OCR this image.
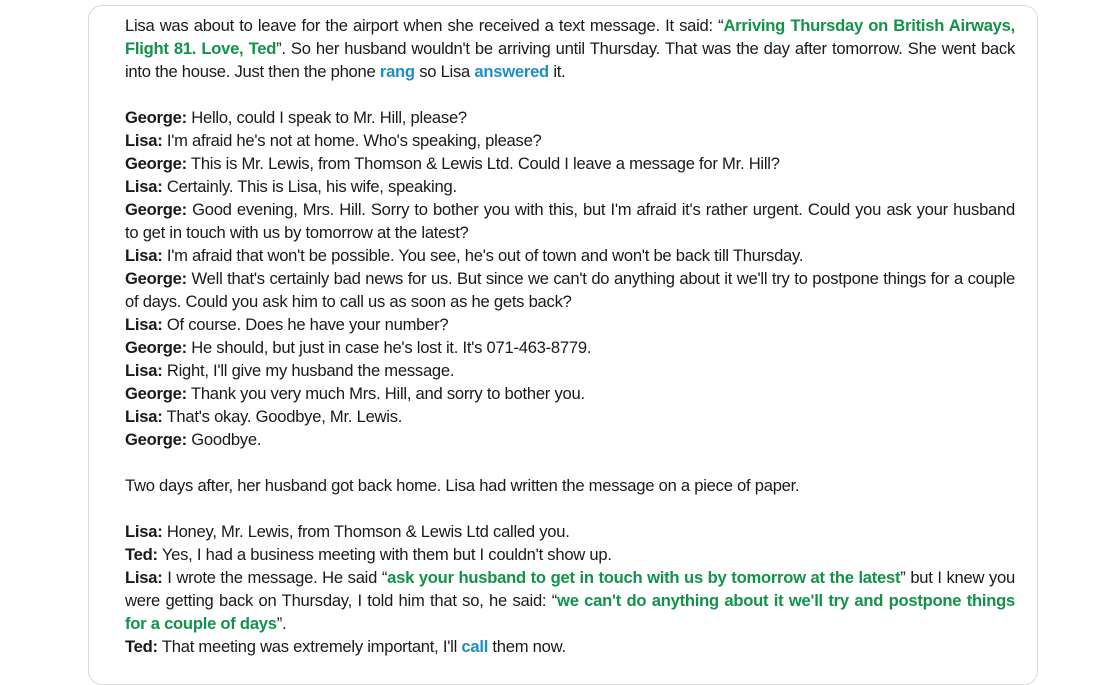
Lisa was about to leave for the airport when she received a text message. It said: “Arriving Thursday on British Airways, Flight 81. Love, Ted”. So her husband wouldn't be arriving until Thursday. That was the day after tomorrow. She went back into the house. Just then the phone rang so Lisa answered it.

George: Hello, could I speak to Mr. Hill, please?

Lisa: I'm afraid he's not at home. Who's speaking, please?

George: This is Mr. Lewis, from Thomson & Lewis Ltd. Could I leave a message for Mr. Hill?

Lisa: Certainly. This is Lisa, his wife, speaking.

George: Good evening, Mrs. Hill. Sorry to bother you with this, but I'm afraid it's rather urgent. Could you ask your husband to get in touch with us by tomorrow at the latest?

Lisa: I'm afraid that won't be possible. You see, he's out of town and won't be back till Thursday.

George: Well that's certainly bad news for us. But since we can't do anything about it we'll try to postpone things for a couple of days. Could you ask him to call us as soon as he gets back?

Lisa: Of course. Does he have your number?

George: He should, but just in case he's lost it. It's 071-463-8779.

Lisa: Right, I'll give my husband the message.

George: Thank you very much Mrs. Hill, and sorry to bother you.

Lisa: That's okay. Goodbye, Mr. Lewis.

George: Goodbye.

Two days after, her husband got back home. Lisa had written the message on a piece of paper.

Lisa: Honey, Mr. Lewis, from Thomson & Lewis Ltd called you.

Ted: Yes, I had a business meeting with them but I couldn't show up.

Lisa: I wrote the message. He said “ask your husband to get in touch with us by tomorrow at the latest” but I knew you were getting back on Thursday, I told him that so, he said: “we can't do anything about it we'll try and postpone things for a couple of days”.

Ted: That meeting was extremely important, I'll call them now.
